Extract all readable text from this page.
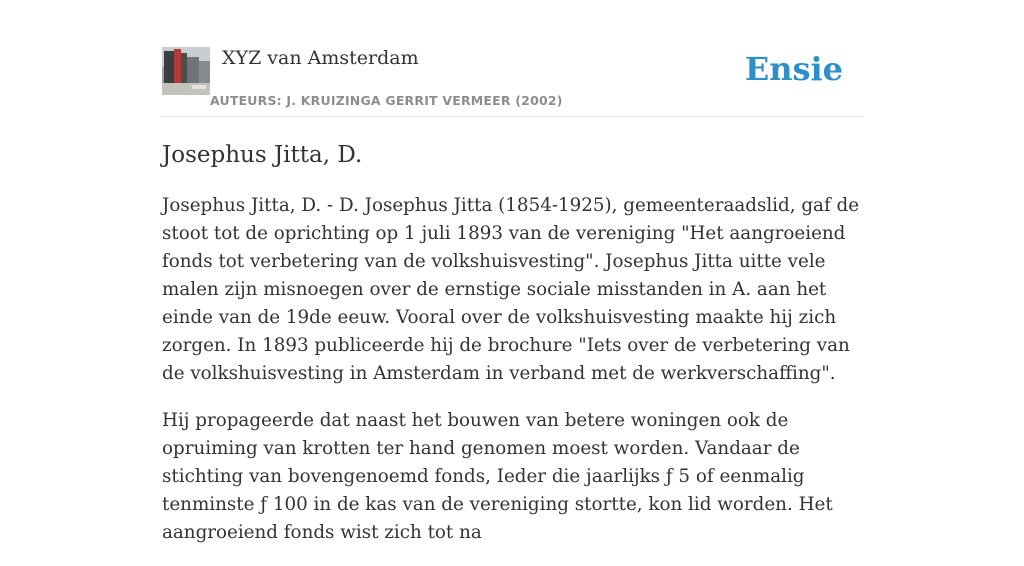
XYZ van Amsterdam
AUTEURS: J. KRUIZINGA GERRIT VERMEER (2002)
Ensie
Josephus Jitta, D.

Josephus Jitta, D. - D. Josephus Jitta (1854-1925), gemeenteraadslid, gaf de stoot tot de oprichting op 1 juli 1893 van de vereniging "Het aangroeiend fonds tot verbetering van de volkshuisvesting". Josephus Jitta uitte vele malen zijn misnoegen over de ernstige sociale misstanden in A. aan het einde van de 19de eeuw. Vooral over de volkshuisvesting maakte hij zich zorgen. In 1893 publiceerde hij de brochure "Iets over de verbetering van de volkshuisvesting in Amsterdam in verband met de werkverschaffing".

Hij propageerde dat naast het bouwen van betere woningen ook de opruiming van krotten ter hand genomen moest worden. Vandaar de stichting van bovengenoemd fonds, Ieder die jaarlijks ƒ 5 of eenmalig tenminste ƒ 100 in de kas van de vereniging stortte, kon lid worden. Het aangroeiend fonds wist zich tot na
